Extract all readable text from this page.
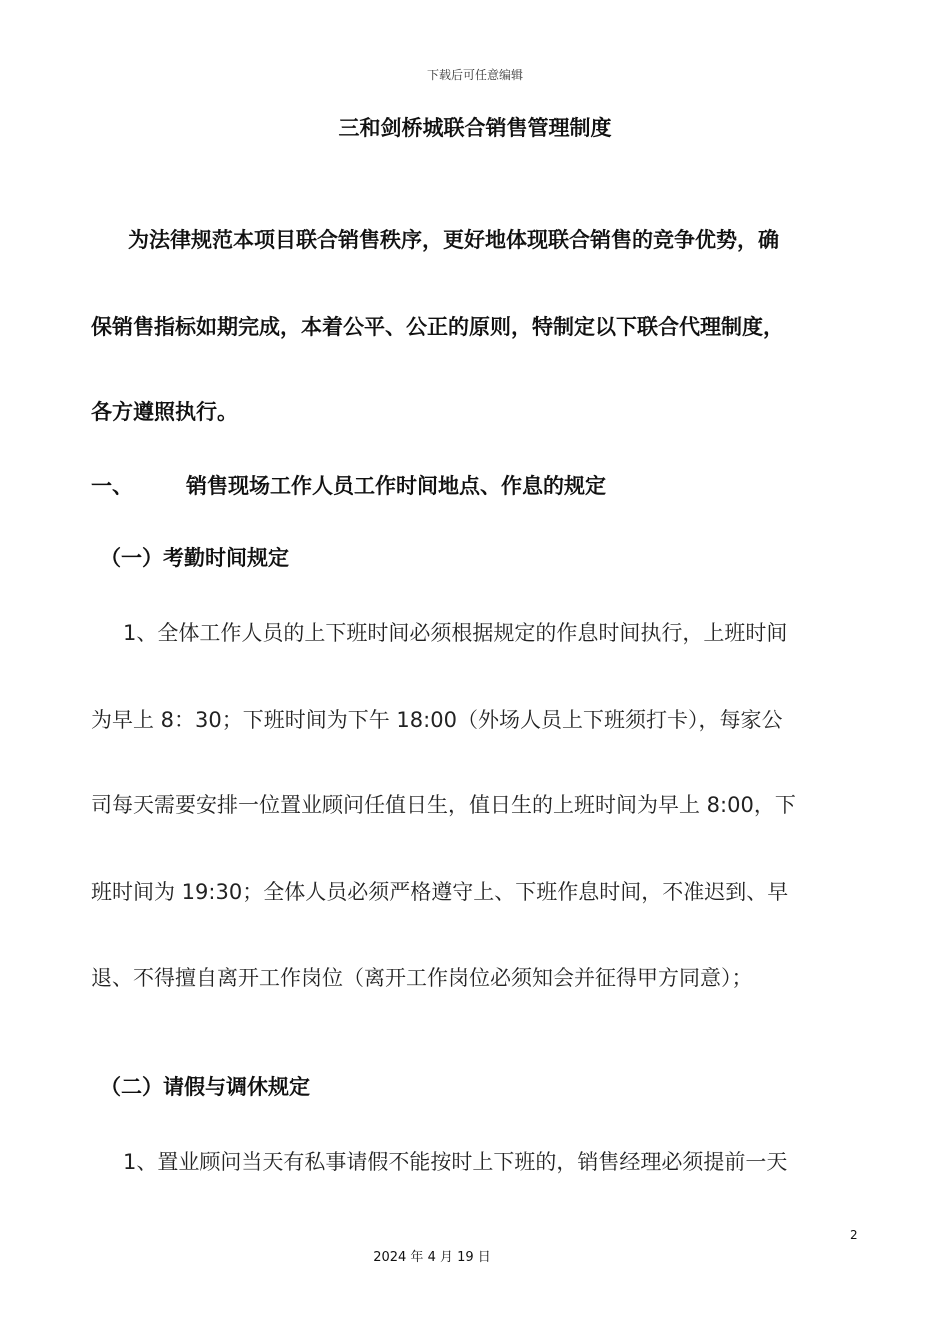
下载后可任意编辑
三和剑桥城联合销售管理制度
为法律规范本项目联合销售秩序，更好地体现联合销售的竞争优势，确
保销售指标如期完成，本着公平、公正的原则，特制定以下联合代理制度，
各方遵照执行。
一、	销售现场工作人员工作时间地点、作息的规定
（一）考勤时间规定
1、全体工作人员的上下班时间必须根据规定的作息时间执行，上班时间
为早上 8：30；下班时间为下午 18:00（外场人员上下班须打卡），每家公
司每天需要安排一位置业顾问任值日生，值日生的上班时间为早上 8:00，下
班时间为 19:30；全体人员必须严格遵守上、下班作息时间，不准迟到、早
退、不得擅自离开工作岗位（离开工作岗位必须知会并征得甲方同意）；
（二）请假与调休规定
1、置业顾问当天有私事请假不能按时上下班的，销售经理必须提前一天
2
2024 年 4 月 19 日
